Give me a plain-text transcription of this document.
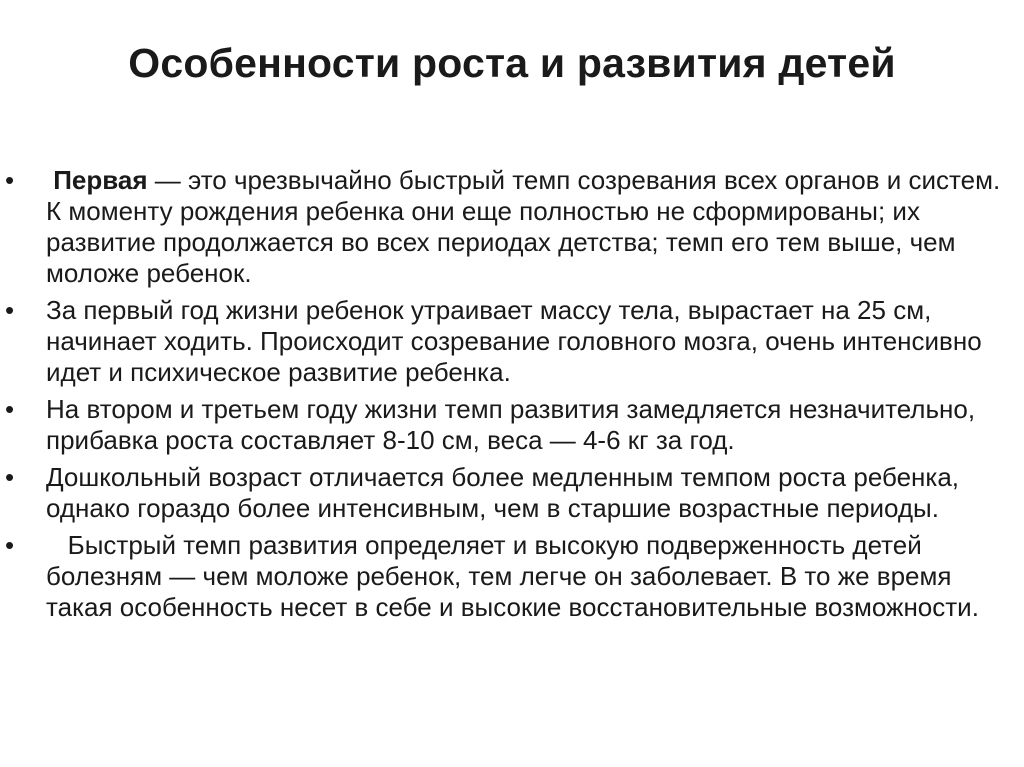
Особенности роста и развития детей
•	Первая — это чрезвычайно быстрый темп созревания всех органов и систем. К моменту рождения ребенка они еще полностью не сформированы; их развитие продолжается во всех периодах детства; темп его тем выше, чем моложе ребенок.
•	За первый год жизни ребенок утраивает массу тела, вырастает на 25 см, начинает ходить. Происходит созревание головного мозга, очень интенсивно идет и психическое развитие ребенка.
•	На втором и третьем году жизни темп развития замедляется незначительно, прибавка роста составляет 8-10 см, веса — 4-6 кг за год.
•	Дошкольный возраст отличается более медленным темпом роста ребенка, однако гораздо более интенсивным, чем в старшие возрастные периоды.
•	Быстрый темп развития определяет и высокую подверженность детей болезням — чем моложе ребенок, тем легче он заболевает. В то же время такая особенность несет в себе и высокие восстановительные возможности.
